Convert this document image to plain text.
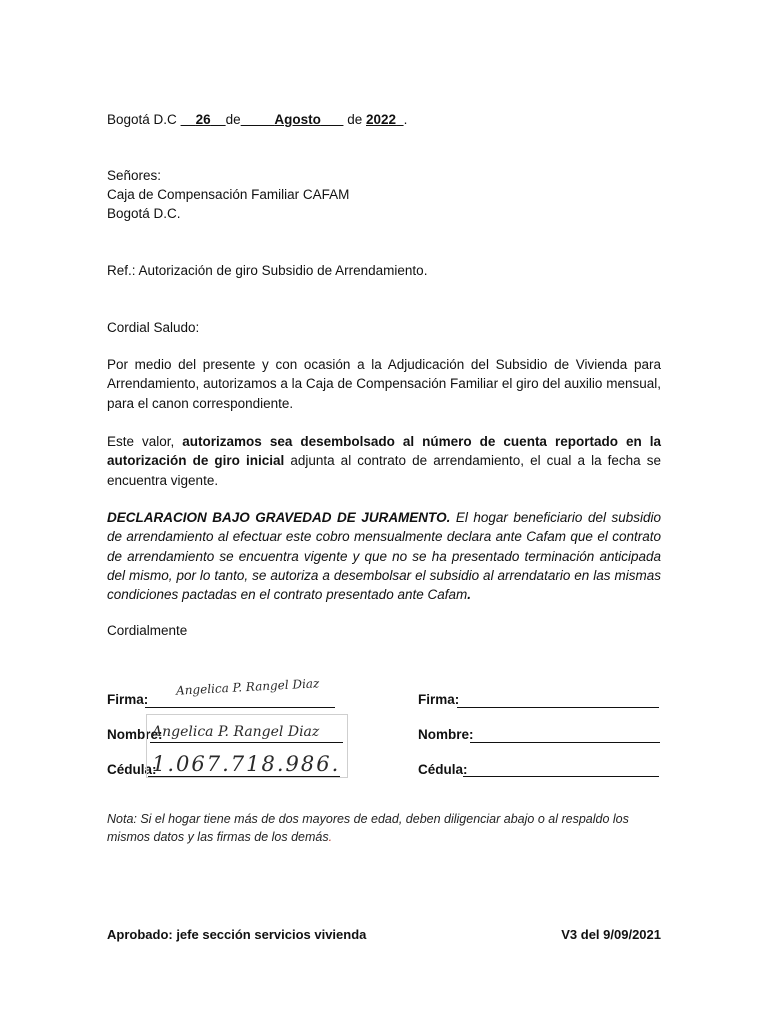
Bogotá D.C 26 de	Agosto de 2022 .
Señores:
Caja de Compensación Familiar CAFAM
Bogotá D.C.
Ref.: Autorización de giro Subsidio de Arrendamiento.
Cordial Saludo:
Por medio del presente y con ocasión a la Adjudicación del Subsidio de Vivienda para Arrendamiento, autorizamos a la Caja de Compensación Familiar el giro del auxilio mensual, para el canon correspondiente.
Este valor, autorizamos sea desembolsado al número de cuenta reportado en la autorización de giro inicial adjunta al contrato de arrendamiento, el cual a la fecha se encuentra vigente.
DECLARACION BAJO GRAVEDAD DE JURAMENTO. El hogar beneficiario del subsidio de arrendamiento al efectuar este cobro mensualmente declara ante Cafam que el contrato de arrendamiento se encuentra vigente y que no se ha presentado terminación anticipada del mismo, por lo tanto, se autoriza a desembolsar el subsidio al arrendatario en las mismas condiciones pactadas en el contrato presentado ante Cafam.
Cordialmente
Firma:
Angelica P. Rangel Diaz
Nombre:
Angelica P. Rangel Diaz
Cédula:
1.067.718.986.
Firma:
Nombre:
Cédula:
Nota: Si el hogar tiene más de dos mayores de edad, deben diligenciar abajo o al respaldo los mismos datos y las firmas de los demás.
Aprobado: jefe sección servicios vivienda	V3 del 9/09/2021
